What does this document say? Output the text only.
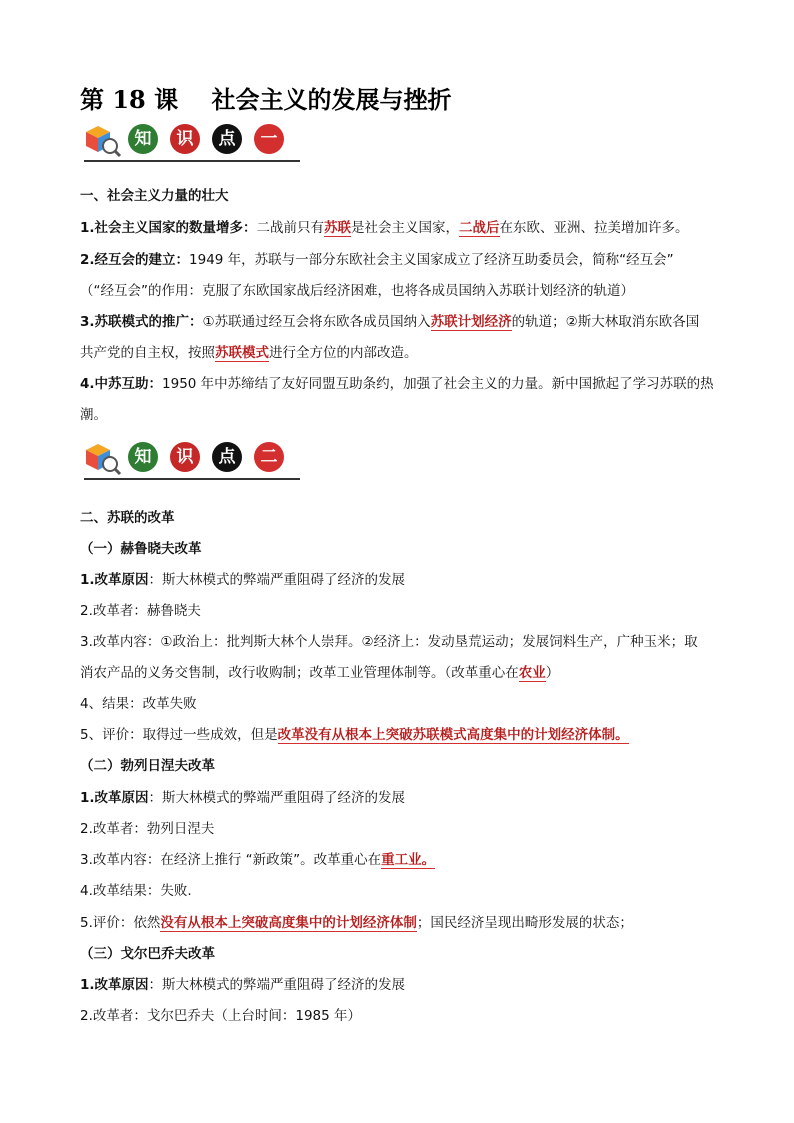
第 18 课    社会主义的发展与挫折
知	识	点	一
一、社会主义力量的壮大
1.社会主义国家的数量增多：二战前只有苏联是社会主义国家，二战后在东欧、亚洲、拉美增加许多。
2.经互会的建立：1949 年，苏联与一部分东欧社会主义国家成立了经济互助委员会，简称“经互会”
（“经互会”的作用：克服了东欧国家战后经济困难，也将各成员国纳入苏联计划经济的轨道）
3.苏联模式的推广：①苏联通过经互会将东欧各成员国纳入苏联计划经济的轨道；②斯大林取消东欧各国
共产党的自主权，按照苏联模式进行全方位的内部改造。
4.中苏互助：1950 年中苏缔结了友好同盟互助条约，加强了社会主义的力量。新中国掀起了学习苏联的热
潮。
知	识	点	二
二、苏联的改革
（一）赫鲁晓夫改革
1.改革原因：斯大林模式的弊端严重阻碍了经济的发展
2.改革者：赫鲁晓夫
3.改革内容：①政治上：批判斯大林个人崇拜。②经济上：发动垦荒运动；发展饲料生产，广种玉米；取
消农产品的义务交售制，改行收购制；改革工业管理体制等。（改革重心在农业）
4、结果：改革失败
5、评价：取得过一些成效，但是改革没有从根本上突破苏联模式高度集中的计划经济体制。
（二）勃列日涅夫改革
1.改革原因：斯大林模式的弊端严重阻碍了经济的发展
2.改革者：勃列日涅夫
3.改革内容：在经济上推行 “新政策”。改革重心在重工业。
4.改革结果：失败.
5.评价：依然没有从根本上突破高度集中的计划经济体制；国民经济呈现出畸形发展的状态；
（三）戈尔巴乔夫改革
1.改革原因：斯大林模式的弊端严重阻碍了经济的发展
2.改革者：戈尔巴乔夫（上台时间：1985 年）
